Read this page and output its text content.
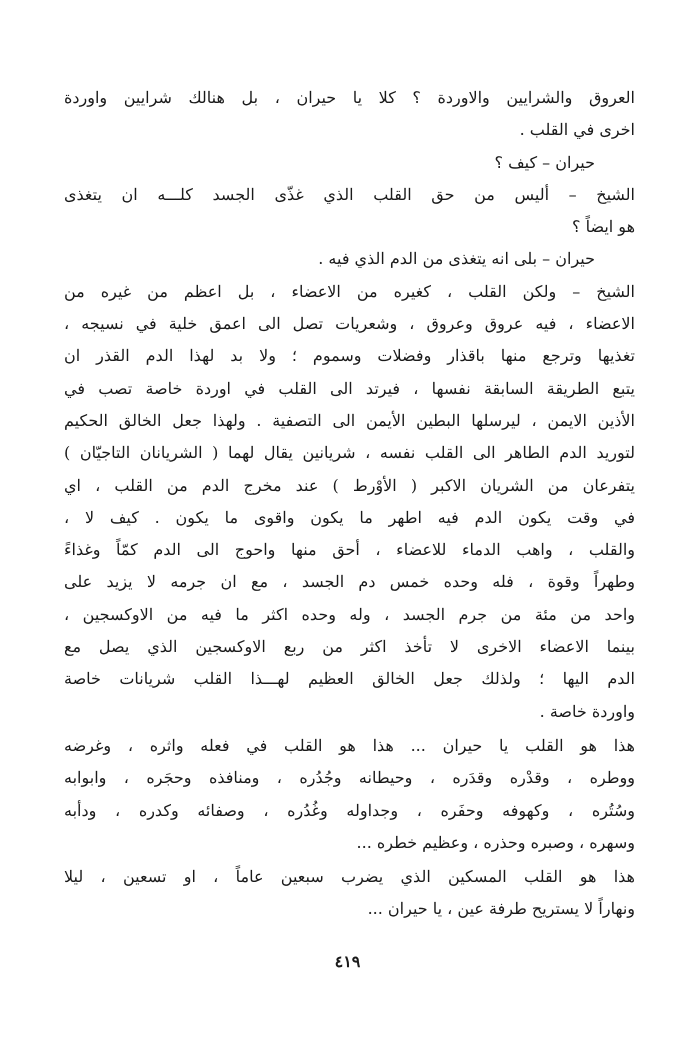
العروق والشرايين والاوردة ؟ كلا يا حيران ، بل هنالك شرايين واوردة
اخرى في القلب .
حيران – كيف ؟
الشيخ – أليس من حق القلب الذي غذّى الجسد كلـــه ان يتغذى
هو ايضاً ؟
حيران – بلى انه يتغذى من الدم الذي فيه .
الشيخ – ولكن القلب ، كغيره من الاعضاء ، بل اعظم من غيره من
الاعضاء ، فيه عروق وعروق ، وشعريات تصل الى اعمق خلية في نسيجه ،
تغذيها وترجع منها باقذار وفضلات وسموم ؛ ولا بد لهذا الدم القذر ان
يتبع الطريقة السابقة نفسها ، فيرتد الى القلب في اوردة خاصة تصب في
الأذين الايمن ، ليرسلها البطين الأيمن الى التصفية . ولهذا جعل الخالق الحكيم
لتوريد الدم الطاهر الى القلب نفسه ، شريانين يقال لهما ( الشريانان التاجيّان )
يتفرعان من الشريان الاكبر ( الأوْرط ) عند مخرج الدم من القلب ، اي
في وقت يكون الدم فيه اطهر ما يكون واقوى ما يكون . كيف لا ،
والقلب ، واهب الدماء للاعضاء ، أحق منها واحوج الى الدم كمّاً وغذاءً
وطهراً وقوة ، فله وحده خمس دم الجسد ، مع ان جرمه لا يزيد على
واحد من مئة من جرم الجسد ، وله وحده اكثر ما فيه من الاوكسجين ،
بينما الاعضاء الاخرى لا تأخذ اكثر من ربع الاوكسجين الذي يصل مع
الدم اليها ؛ ولذلك جعل الخالق العظيم لهـــذا القلب شريانات خاصة
واوردة خاصة .
هذا هو القلب يا حيران ... هذا هو القلب في فعله واثره ، وغرضه
ووطره ، وقدْره وقدَره ، وحيطانه وجُدُره ، ومنافذه وحجَره ، وابوابه
وسُتُره ، وكهوفه وحفَره ، وجداوله وغُدُره ، وصفائه وكدره ، ودأبه
وسهره ، وصبره وحذره ، وعظيم خطره ...
هذا هو القلب المسكين الذي يضرب سبعين عاماً ، او تسعين ، ليلا
ونهاراً لا يستريح طرفة عين ، يا حيران ...
٤١٩
